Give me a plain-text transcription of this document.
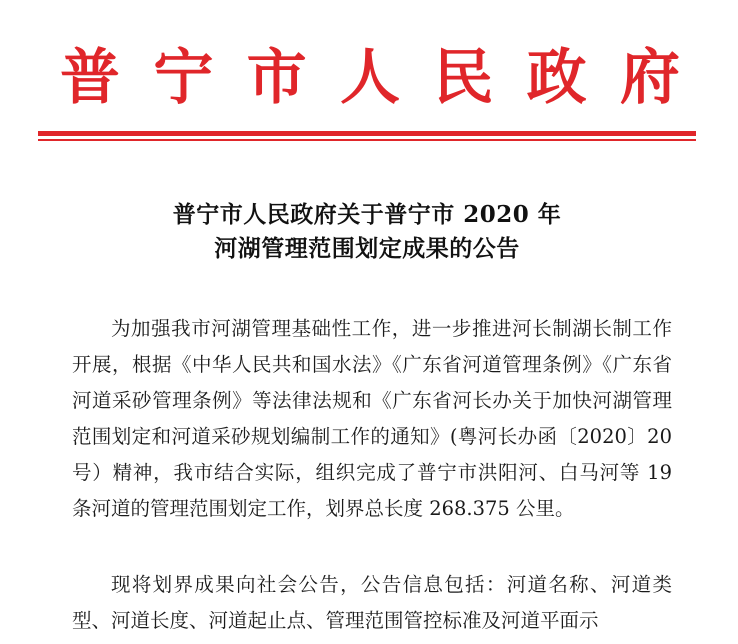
普 宁 市 人 民 政 府
普宁市人民政府关于普宁市 2020 年
河湖管理范围划定成果的公告

为加强我市河湖管理基础性工作，进一步推进河长制湖长制工作开展，根据《中华人民共和国水法》《广东省河道管理条例》《广东省河道采砂管理条例》等法律法规和《广东省河长办关于加快河湖管理范围划定和河道采砂规划编制工作的通知》(粤河长办函〔2020〕20 号）精神，我市结合实际，组织完成了普宁市洪阳河、白马河等 19 条河道的管理范围划定工作，划界总长度 268.375 公里。

现将划界成果向社会公告，公告信息包括：河道名称、河道类型、河道长度、河道起止点、管理范围管控标准及河道平面示
